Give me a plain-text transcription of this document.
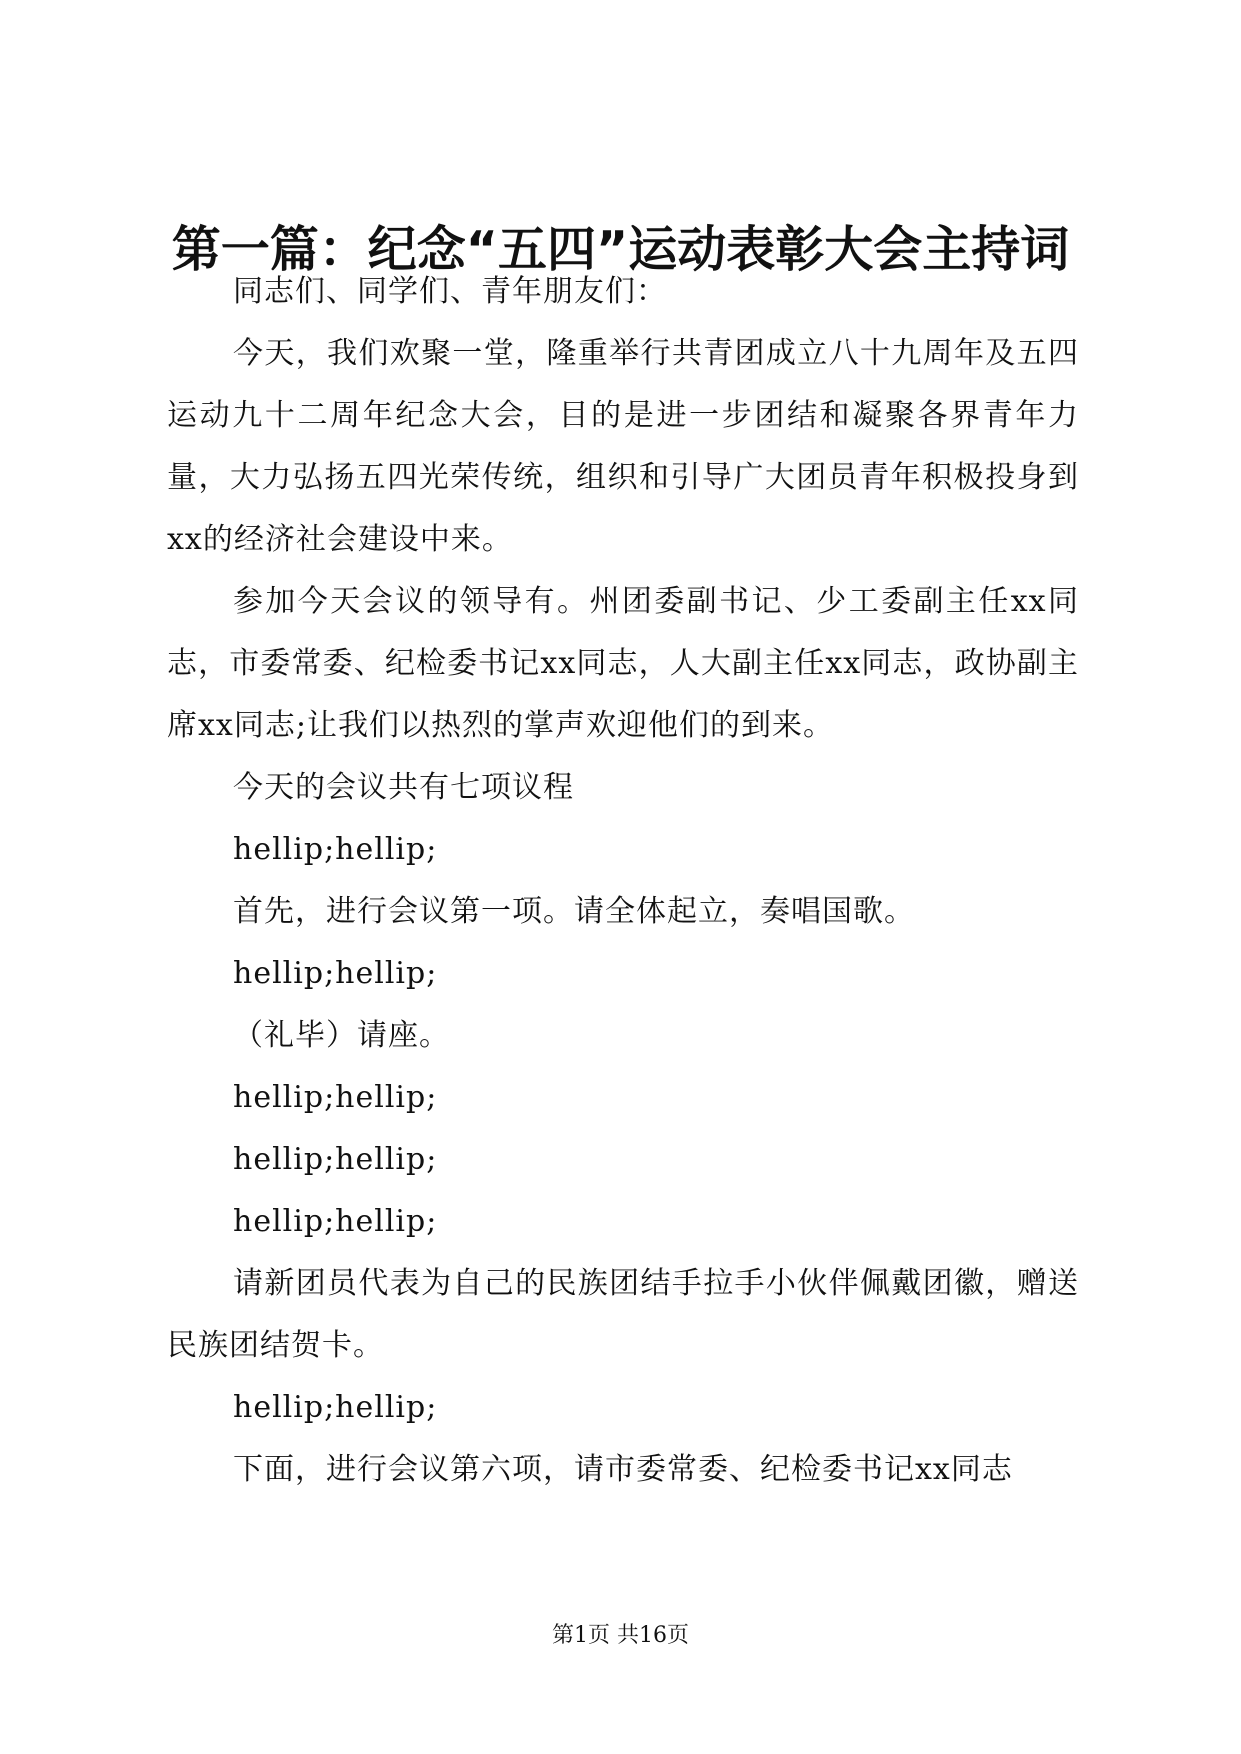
第一篇：纪念“五四”运动表彰大会主持词

同志们、同学们、青年朋友们：

今天，我们欢聚一堂，隆重举行共青团成立八十九周年及五四运动九十二周年纪念大会，目的是进一步团结和凝聚各界青年力量，大力弘扬五四光荣传统，组织和引导广大团员青年积极投身到xx的经济社会建设中来。

参加今天会议的领导有。州团委副书记、少工委副主任xx同志，市委常委、纪检委书记xx同志，人大副主任xx同志，政协副主席xx同志;让我们以热烈的掌声欢迎他们的到来。

今天的会议共有七项议程

hellip;hellip;

首先，进行会议第一项。请全体起立，奏唱国歌。

hellip;hellip;

（礼毕）请座。

hellip;hellip;

hellip;hellip;

hellip;hellip;

请新团员代表为自己的民族团结手拉手小伙伴佩戴团徽，赠送民族团结贺卡。

hellip;hellip;

下面，进行会议第六项，请市委常委、纪检委书记xx同志

第1页 共16页
